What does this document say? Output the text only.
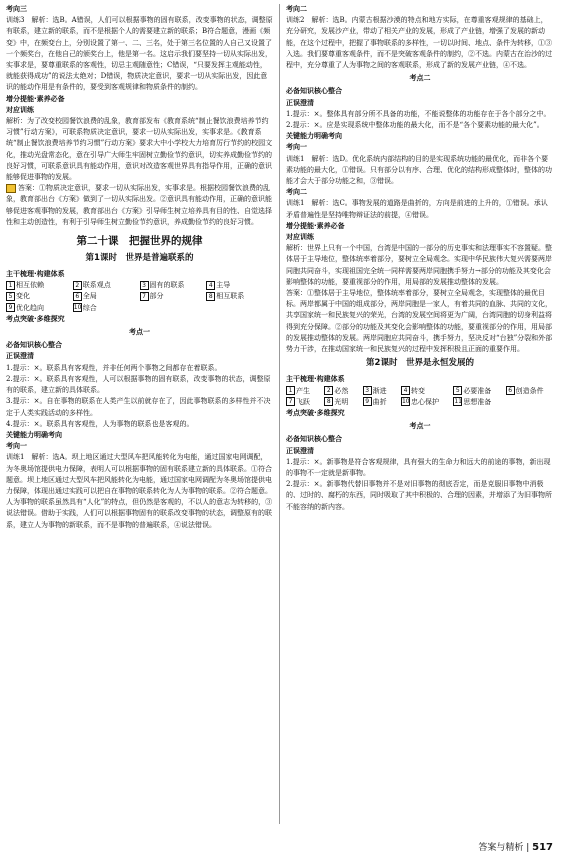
考向三

训练3　解析：选B。A错误，人们可以根据事物的固有联系，改变事物的状态，调整原有联系，建立新的联系，而不是根据个人的需要建立新的联系；B符合题意，漫画《频变》中，在频变台上，分别设置了第一、二、三名，处于第三名位置的人自己又设置了一个频奖台，在他自己的颁奖台上，他是第一名。这启示我们要坚持一切从实际出发，实事求是，要尊重联系的客观性，切忌主观随意性；C错误，“只要发挥主观能动性，就能获得成功”的说法太绝对；D错误，物质决定意识，要求一切从实际出发，因此意识的能动作用是有条件的，要受到客观规律和物质条件的制约。

增分提能·素养必备

对应训练

解析：为了改变校园餐饮浪费的乱象，教育部发布《教育系统“制止餐饮浪费培养节约习惯”行动方案》，可联系物质决定意识，要求一切从实际出发，实事求是。《教育系统“制止餐饮浪费培养节约习惯”行动方案》要求大中小学校大力培育厉行节约的校园文化，推动光盘常态化，意在引导广大师生牢固树立勤俭节约意识，切实养成勤俭节约的良好习惯，可联系意识具有能动作用，意识对改造客观世界具有指导作用，正确的意识能够促进事物的发展。

答案：①物质决定意识，要求一切从实际出发，实事求是。根据校园餐饮浪费的乱象，教育部出台《方案》做到了一切从实际出发。②意识具有能动作用，正确的意识能够促进客观事物的发展，教育部出台《方案》引导师生树立培养具有目的性、自觉选择性和主动创造性，有利于引导师生树立勤俭节约意识，养成勤俭节约的良好习惯。

第二十课　把握世界的规律

第1课时　世界是普遍联系的

主干梳理·构建体系

1 相互依赖	2 联系观点	3 固有的联系	4 主导
5 变化	6 全局	7 部分	8 相互联系
9 优化趋向	10综合

考点突破·多维探究

考点一

必备知识核心整合

正误澄清

1.提示：×。联系具有客观性，并非任何两个事物之间都存在着联系。

2.提示：×。联系具有客观性，人可以根据事物的固有联系，改变事物的状态，调整原有的联系，建立新的具体联系。

3.提示：×。自在事物的联系在人类产生以前就存在了，因此事物联系的多样性并不决定于人类实践活动的多样性。

4.提示：×。联系具有客观性，人为事物的联系也是客观的。

关键能力明确考向

考向一

训练1　解析：选A。坝上地区通过大型风车把风能转化为电能，通过国家电网调配，为冬奥场馆提供电力保障，表明人可以根据事物的固有联系建立新的具体联系。①符合题意。坝上地区通过大型风车把风能转化为电能，通过国家电网调配为冬奥场馆提供电力保障，体现出通过实践可以把自在事物的联系转化为人为事物的联系。②符合题意。人为事物的联系虽然具有“人化”的特点，但仍然是客观的，不以人的意志为转移的，③说法错误。借助于实践，人们可以根据事物固有的联系改变事物的状态，调整原有的联系，建立人为事物的新联系，而不是事物的普遍联系，④说法错误。

考向二

训练2　解析：选B。内蒙古根据沙漠的特点和地方实际，在尊重客观规律的基础上，充分研究，发展沙产业，带动了相关产业的发展，形成了产业链，增强了发展的新动能，在这个过程中，把握了事物联系的多样性，一切以时间、地点、条件为转移，①③入选。我们要尊重客观条件，而不是突破客观条件的制约，②不选。内蒙古在治沙的过程中，充分尊重了人为事物之间的客观联系，形成了新的发展产业链，④不选。

考点二

必备知识核心整合

正误澄清

1.提示：×。整体具有部分所不具备的功能，不能说整体的功能存在于各个部分之中。

2.提示：×。应是实现系统中整体功能的最大化，而不是“各个要素功能的最大化”。

关键能力明确考向

考向一

训练1　解析：选D。优化系统内部结构的目的是实现系统功能的最优化，而非各个要素功能的最大化，①错误。只有部分以有序、合理、优化的结构形成整体时，整体的功能才会大于部分功能之和，③错误。

考向二

训练1　解析：选C。事物发展的道路是曲折的，方向是前进的上升的，①错误。承认矛盾普遍性是坚持唯物辩证法的前提，④错误。

增分提能·素养必备

对应训练

解析：世界上只有一个中国，台湾是中国的一部分的历史事实和法理事实不容置疑。整体居于主导地位，整体统率着部分，要树立全局观念。实现中华民族伟大复兴需要两岸同胞共同奋斗，实现祖国完全统一同样需要两岸同胞携手努力→部分的功能及其变化会影响整体的功能，要重视部分的作用，用局部的发展推动整体的发展。

答案：①整体居于主导地位，整体统率着部分，要树立全局观念，实现整体的最优目标。两岸都属于中国的组成部分，两岸同胞是一家人，有着共同的血脉、共同的文化，共享国家统一和民族复兴的荣光，台湾的发展空间将更为广阔，台湾同胞的切身利益将得到充分保障。②部分的功能及其变化会影响整体的功能，要重视部分的作用，用局部的发展推动整体的发展。两岸同胞应共同奋斗，携手努力，坚决反对“台独”分裂和外部势力干涉，在推动国家统一和民族复兴的过程中发挥积极且正面的重要作用。

第2课时　世界是永恒发展的

主干梳理·构建体系

1 产生	2 必然	3 渐进	4 转变	5 必要准备	6 创造条件
7 飞跃	8 光明	9 曲折	10忠心保护	11思想准备

考点突破·多维探究

考点一

必备知识核心整合

正误澄清

1.提示：×。新事物是符合客观规律，具有强大的生命力和远大的前途的事物，新出现的事物不一定就是新事物。

2.提示：×。新事物代替旧事物并不是对旧事物的彻底否定，而是克服旧事物中消极的、过时的、腐朽的东西，同时吸取了其中积极的、合理的因素，并增添了为旧事物所不能容纳的新内容。

答案与精析 | 517
